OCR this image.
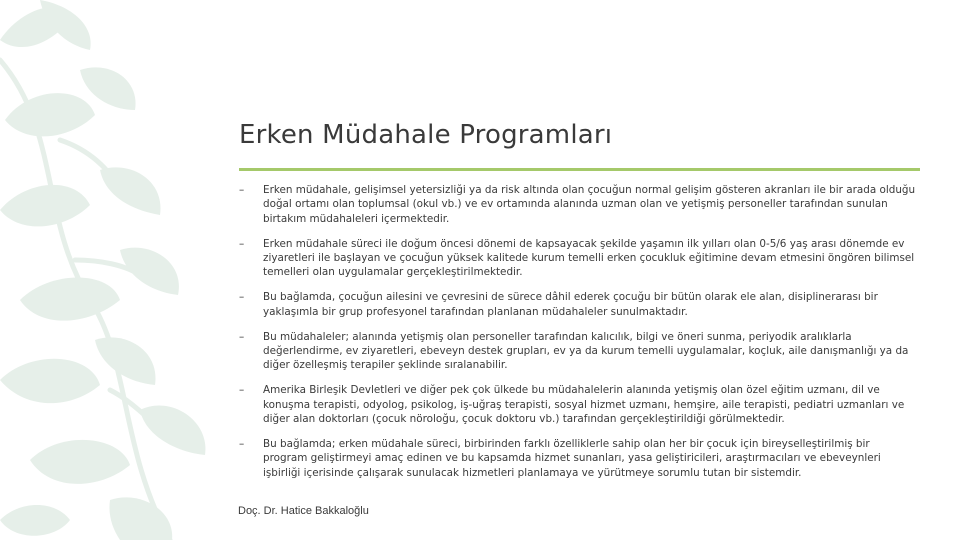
Erken Müdahale Programları
– Erken müdahale, gelişimsel yetersizliği ya da risk altında olan çocuğun normal gelişim gösteren akranları ile bir arada olduğu doğal ortamı olan toplumsal (okul vb.) ve ev ortamında alanında uzman olan ve yetişmiş personeller tarafından sunulan birtakım müdahaleleri içermektedir.
– Erken müdahale süreci ile doğum öncesi dönemi de kapsayacak şekilde yaşamın ilk yılları olan 0-5/6 yaş arası dönemde ev ziyaretleri ile başlayan ve çocuğun yüksek kalitede kurum temelli erken çocukluk eğitimine devam etmesini öngören bilimsel temelleri olan uygulamalar gerçekleştirilmektedir.
– Bu bağlamda, çocuğun ailesini ve çevresini de sürece dâhil ederek çocuğu bir bütün olarak ele alan, disiplinerarası bir yaklaşımla bir grup profesyonel tarafından planlanan müdahaleler sunulmaktadır.
– Bu müdahaleler; alanında yetişmiş olan personeller tarafından kalıcılık, bilgi ve öneri sunma, periyodik aralıklarla değerlendirme, ev ziyaretleri, ebeveyn destek grupları, ev ya da kurum temelli uygulamalar, koçluk, aile danışmanlığı ya da diğer özelleşmiş terapiler şeklinde sıralanabilir.
– Amerika Birleşik Devletleri ve diğer pek çok ülkede bu müdahalelerin alanında yetişmiş olan özel eğitim uzmanı, dil ve konuşma terapisti, odyolog, psikolog, iş-uğraş terapisti, sosyal hizmet uzmanı, hemşire, aile terapisti, pediatri uzmanları ve diğer alan doktorları (çocuk nöroloğu, çocuk doktoru vb.) tarafından gerçekleştirildiği görülmektedir.
– Bu bağlamda; erken müdahale süreci, birbirinden farklı özelliklerle sahip olan her bir çocuk için bireyselleştirilmiş bir program geliştirmeyi amaç edinen ve bu kapsamda hizmet sunanları, yasa geliştiricileri, araştırmacıları ve ebeveynleri işbirliği içerisinde çalışarak sunulacak hizmetleri planlamaya ve yürütmeye sorumlu tutan bir sistemdir.
Doç. Dr. Hatice Bakkaloğlu
